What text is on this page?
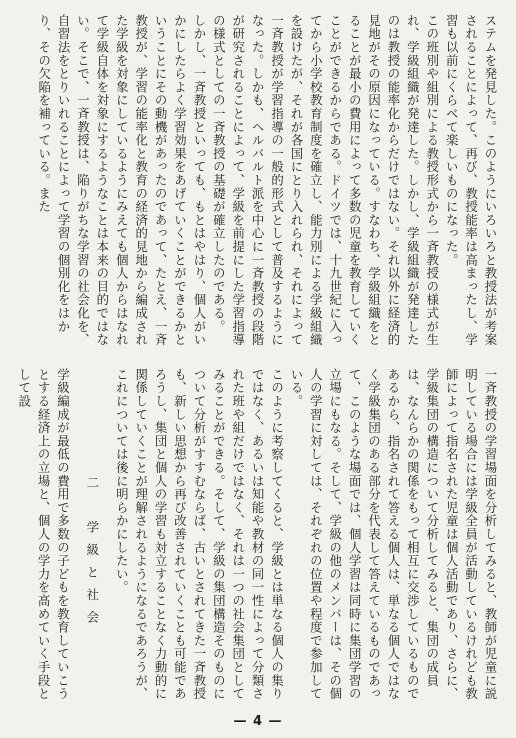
ステムを発見した。このようにいろいろと教授法が考案されることによって、再び、教授能率は高まったし、学習も以前にくらべて楽しいものになった。

この班別や組別による教授形式から一斉教授の様式が生れ、学級組織が発達した。しかし、学級組織が発達したのは教授の能率化からだけではない。それ以外に経済的見地がその原因になっている。すなわち、学級組織をとることが最小の費用によって多数の児童を教育していくことができるからである。ドイツでは、十九世紀に入ってから小学校教育制度を確立し、能力別による学級組織を設けたが、それが各国にとり入れられ、それによって一斉教授が学習指導の一般的形式として普及するようになった。しかも、ヘルバルト派を中心に一斉教授の段階が研究されることによって、学級を前提にした学習指導の様式としての一斉教授の基礎が確立したのである。

しかし、一斉教授といっても、もとはやはり、個人がいかにしたらよく学習効果をあげていくことができるかということにその動機があったのであって、たとえ、一斉教授が、学習の能率化と教育の経済的見地から編成された学級を対象にしているようにみえても個人からはなれて学級自体を対象にするようなことは本来の目的ではない。そこで、一斉教授は、陥りがちな学習の社会化を、自習法をとりいれることによって学習の個別化をはかり、その欠陥を補っている。また

一斉教授の学習場面を分析してみると、教師が児童に説明している場合には学級全員が活動しているけれども教師によって指名された児童は個人活動であり、さらに、学級集団の構造について分析してみると、集団の成員は、なんらかの関係をもって相互に交渉しているものであるから、指名されて答える個人は、単なる個人ではなく学級集団のある部分を代表して答えているものであって、このような場面では、個人学習は同時に集団学習の立場にもなる。そして、学級の他のメンバーは、その個人の学習に対しては、それぞれの位置や程度で参加している。

このように考察してくると、学級とは単なる個人の集りではなく、あるいは知能や教材の同一性によって分類された班や組だけではなく、それは一つの社会集団としてみることができる。そして、学級の集団構造そのものについて分析がすすむならば、古いとされてきた一斉教授も、新しい思想から再び改善されていくことも可能であろうし、集団と個人の学習も対立することなく力動的に関係していくことが理解されるようになるであろうが、これについては後に明らかにしたい。

二　学級と社会

学級編成が最低の費用で多数の子どもを教育していこうとする経済上の立場と、個人の学力を高めていく手段として設

— 4 —
